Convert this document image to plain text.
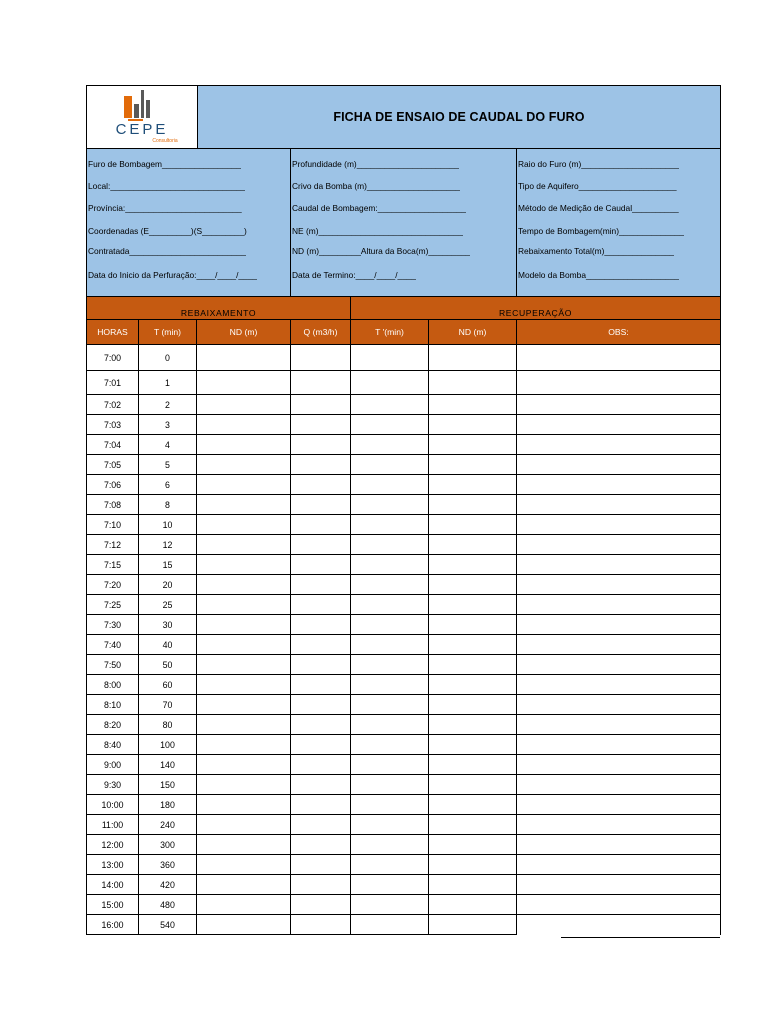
CEPE
Consultoria
FICHA DE ENSAIO DE CAUDAL DO FURO
Furo de Bombagem_________________
Local:_____________________________
Província:_________________________
Coordenadas (E_________)(S_________)
Contratada_________________________
Data do Inicio da Perfuração:____/____/____
Profundidade (m)______________________
Crivo da Bomba (m)____________________
Caudal de Bombagem:___________________
NE (m)_______________________________
ND (m)_________Altura da Boca(m)_________
Data de Termino:____/____/____
Raio do Furo (m)_____________________
Tipo de Aquifero_____________________
Método de Medição de Caudal__________
Tempo de Bombagem(min)______________
Rebaixamento Total(m)_______________
Modelo da Bomba____________________
REBAIXAMENTO	RECUPERAÇÃO
HORAS	T (min)	ND (m)	Q (m3/h)	T '(min)	ND (m)	OBS:
7:00	0
7:01	1
7:02	2
7:03	3
7:04	4
7:05	5
7:06	6
7:08	8
7:10	10
7:12	12
7:15	15
7:20	20
7:25	25
7:30	30
7:40	40
7:50	50
8:00	60
8:10	70
8:20	80
8:40	100
9:00	140
9:30	150
10:00	180
11:00	240
12:00	300
13:00	360
14:00	420
15:00	480
16:00	540
